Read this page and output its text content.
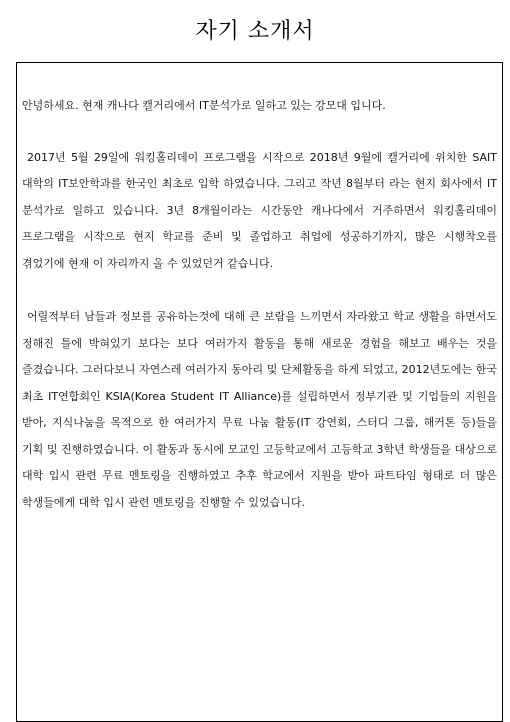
자기 소개서

안녕하세요. 현재 캐나다 캘거리에서 IT분석가로 일하고 있는 강모대 입니다.

2017년 5월 29일에 워킹홀리데이 프로그램을 시작으로 2018년 9월에 캘거리에 위치한 SAIT 대학의 IT보안학과를 한국인 최초로 입학 하였습니다. 그리고 작년 8월부터 라는 현지 회사에서 IT 분석가로 일하고 있습니다. 3년 8개월이라는 시간동안 캐나다에서 거주하면서 워킹홀리데이 프로그램을 시작으로 현지 학교를 준비 및 졸업하고 취업에 성공하기까지, 많은 시행착오를 겪었기에 현재 이 자리까지 올 수 있었던거 같습니다.

어릴적부터 남들과 정보를 공유하는것에 대해 큰 보람을 느끼면서 자라왔고 학교 생활을 하면서도 정해진 틀에 박혀있기 보다는 보다 여러가지 활동을 통해 새로운 경험을 해보고 배우는 것을 즐겼습니다. 그러다보니 자연스레 여러가지 동아리 및 단체활동을 하게 되었고, 2012년도에는 한국 최초 IT연합회인 KSIA(Korea Student IT Alliance)를 설립하면서 정부기관 및 기업들의 지원을 받아, 지식나눔을 목적으로 한 여러가지 무료 나눔 활동(IT 강연회, 스터디 그룹, 해커톤 등)들을 기획 및 진행하였습니다. 이 활동과 동시에 모교인 고등학교에서 고등학교 3학년 학생들을 대상으로 대학 입시 관련 무료 멘토링을 진행하였고 추후 학교에서 지원을 받아 파트타임 형태로 더 많은 학생들에게 대학 입시 관련 멘토링을 진행할 수 있었습니다.
